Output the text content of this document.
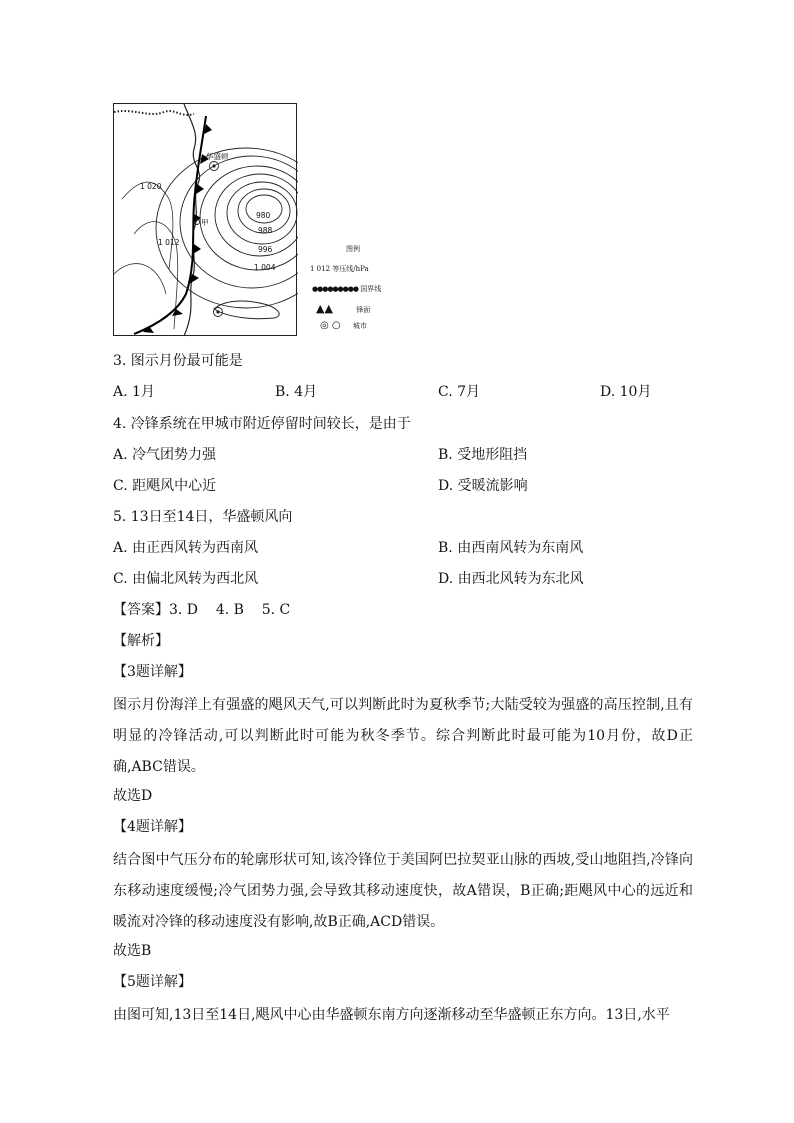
华盛顿
甲
1 020
1 012
1 004
996
988
980
图例
1 012 等压线/hPa
●●●●●●●●● 国界线
▲▲	锋面
◎ ○ 城市
3. 图示月份最可能是
A. 1月	B. 4月	C. 7月	D. 10月
4. 冷锋系统在甲城市附近停留时间较长，是由于
A. 冷气团势力强	B. 受地形阻挡
C. 距飓风中心近	D. 受暖流影响
5. 13日至14日，华盛顿风向
A. 由正西风转为西南风	B. 由西南风转为东南风
C. 由偏北风转为西北风	D. 由西北风转为东北风
【答案】3. D    4. B    5. C
【解析】
【3题详解】
图示月份海洋上有强盛的飓风天气,可以判断此时为夏秋季节;大陆受较为强盛的高压控制,且有明显的冷锋活动,可以判断此时可能为秋冬季节。综合判断此时最可能为10月份，故D正确,ABC错误。
故选D
【4题详解】
结合图中气压分布的轮廓形状可知,该冷锋位于美国阿巴拉契亚山脉的西坡,受山地阻挡,冷锋向东移动速度缓慢;冷气团势力强,会导致其移动速度快，故A错误，B正确;距飓风中心的远近和暖流对冷锋的移动速度没有影响,故B正确,ACD错误。
故选B
【5题详解】
由图可知,13日至14日,飓风中心由华盛顿东南方向逐渐移动至华盛顿正东方向。13日,水平
